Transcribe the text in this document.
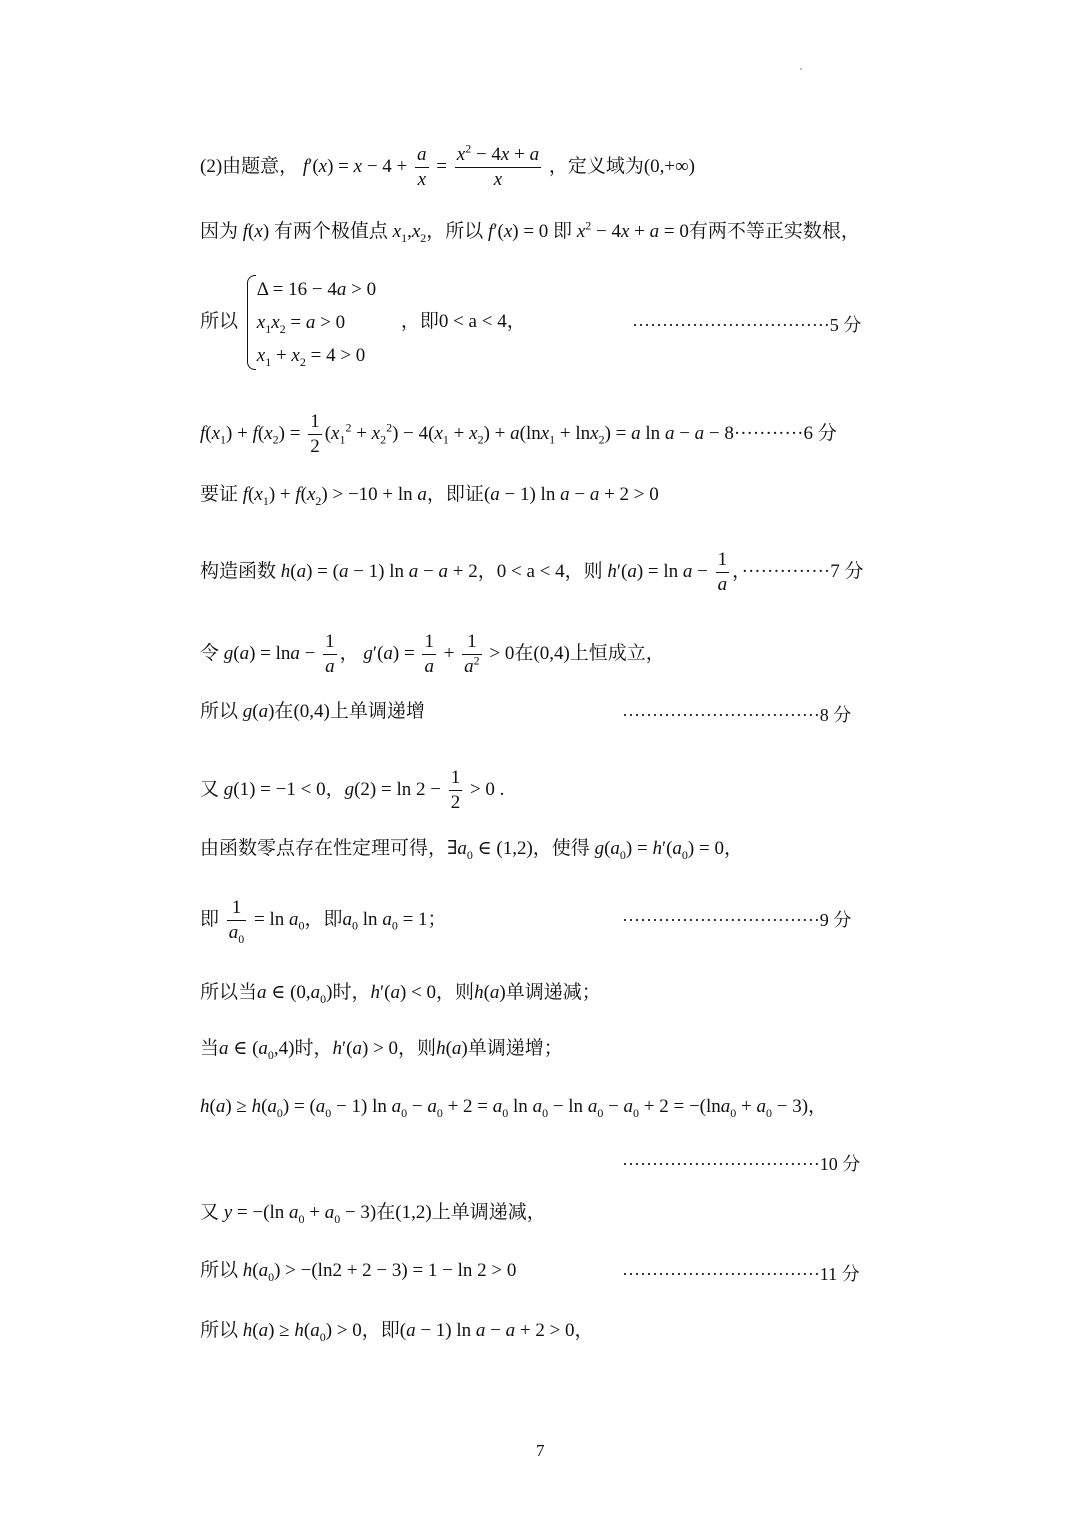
(2)由题意， $f'(x) = x - 4 + \frac{a}{x} = \frac{x^2 - 4x + a}{x}$ ，定义域为(0,+∞)
因为 f(x) 有两个极值点 $x_1,x_2$，所以 f′(x) = 0 即 $x^2 - 4x + a = 0$有两不等正实数根，
所以
Δ = 16 − 4a > 0
$x_1x_2 = a > 0$
$x_1 + x_2 = 4 > 0$
，即0 < a < 4，	·································5 分
$f(x_1) + f(x_2) = \frac{1}{2} (x_1^2 + x_2^2) - 4(x_1 + x_2) + a(\ln x_1 + \ln x_2) = a$ ln a − a − 8···········6 分
要证 $f(x_1) + f(x_2) > -10 + \ln a$，即证(a − 1) ln a − a + 2 > 0
构造函数 h(a) = (a − 1) ln a − a + 2，0 < a < 4，则 $h'(a) = \ln a - \frac{1}{a}$ ，··············7 分
令 $g(a) = \ln a - \frac{1}{a}$ ， $g'(a) = \frac{1}{a} + \frac{1}{a^2} > 0$在(0,4)上恒成立，
所以 g(a)在(0,4)上单调递增	·································8 分
又 g(1) = −1 < 0，$g(2) = \ln 2 - \frac{1}{2} > 0$ .
由函数零点存在性定理可得，$\exists a_0$ ∈ (1,2)，使得 $g(a_0) = h'(a_0) = 0$，
即 $\frac{1}{a_0} = \ln a_0$，即$a_0$ $\ln a_0 = 1$；	·································9 分
所以当a ∈ $(0,a_0)$时，h′(a) < 0，则h(a)单调递减；
当a ∈ $(a_0,4)$时，h′(a) > 0，则h(a)单调递增；
$h(a) \ge h(a_0) = (a_0 - 1)$ $\ln a_0 - a_0 + 2 = a_0$ $\ln a_0 - \ln a_0 - a_0 + 2 = -(\ln a_0 + a_0 - 3)$，
·································10 分
又 y = −(ln $a_0 + a_0 - 3$)在(1,2)上单调递减，
所以 $h(a_0) > -(\ln 2 + 2 - 3) = 1 - \ln 2 > 0$	·································11 分
所以 $h(a) \ge h(a_0) > 0$，即(a − 1) ln a − a + 2 > 0，
7
